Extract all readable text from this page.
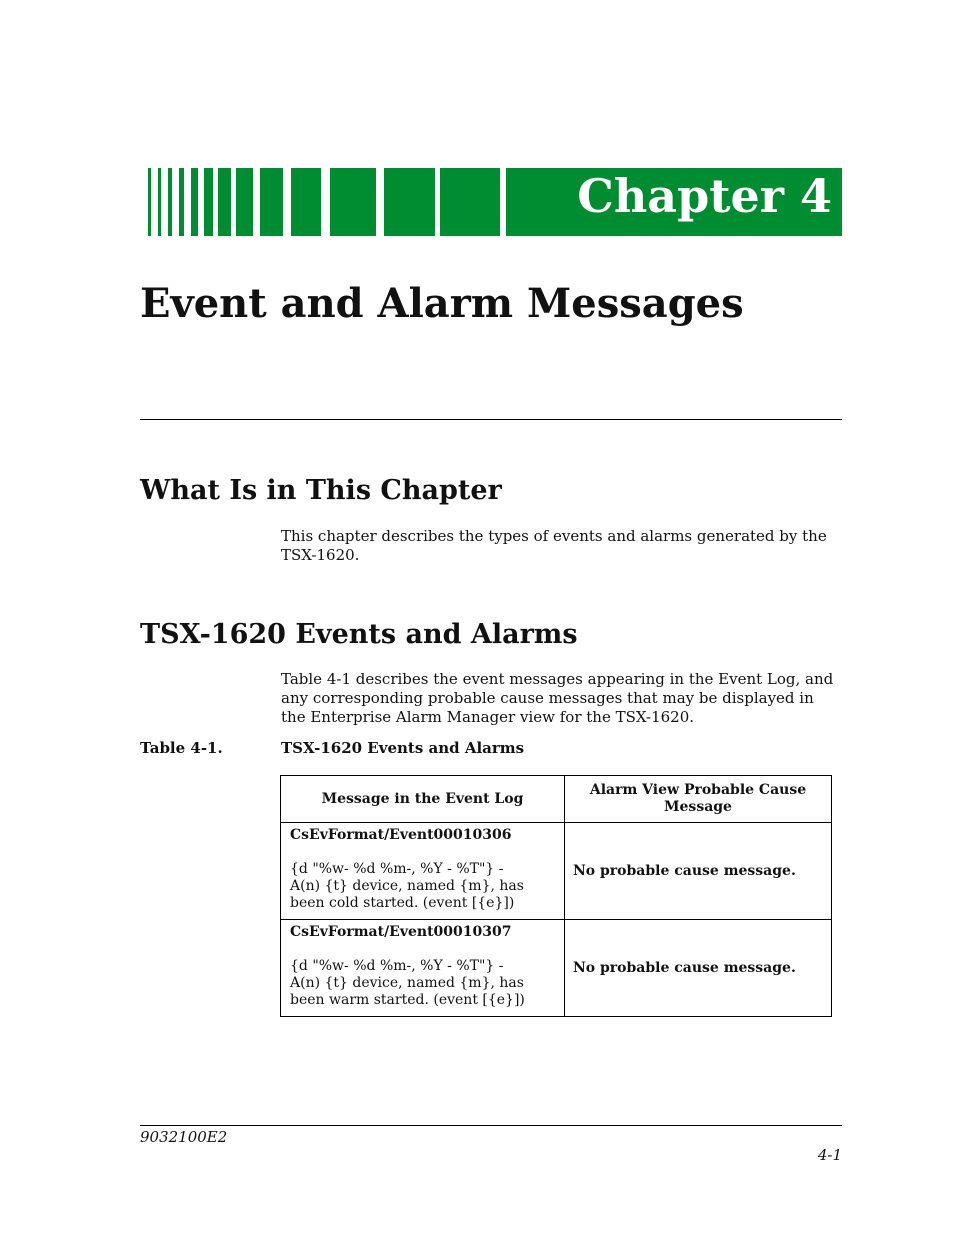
Chapter 4
Event and Alarm Messages
What Is in This Chapter
This chapter describes the types of events and alarms generated by the TSX-1620.
TSX-1620 Events and Alarms
Table 4-1 describes the event messages appearing in the Event Log, and any corresponding probable cause messages that may be displayed in the Enterprise Alarm Manager view for the TSX-1620.
Table 4-1.	TSX-1620 Events and Alarms
Message in the Event Log	Alarm View Probable Cause Message

CsEvFormat/Event00010306
{d "%w- %d %m-, %Y - %T"} -
A(n) {t} device, named {m}, has been cold started. (event [{e}])	No probable cause message.

CsEvFormat/Event00010307
{d "%w- %d %m-, %Y - %T"} -
A(n) {t} device, named {m}, has been warm started. (event [{e}])	No probable cause message.
9032100E2
4-1
